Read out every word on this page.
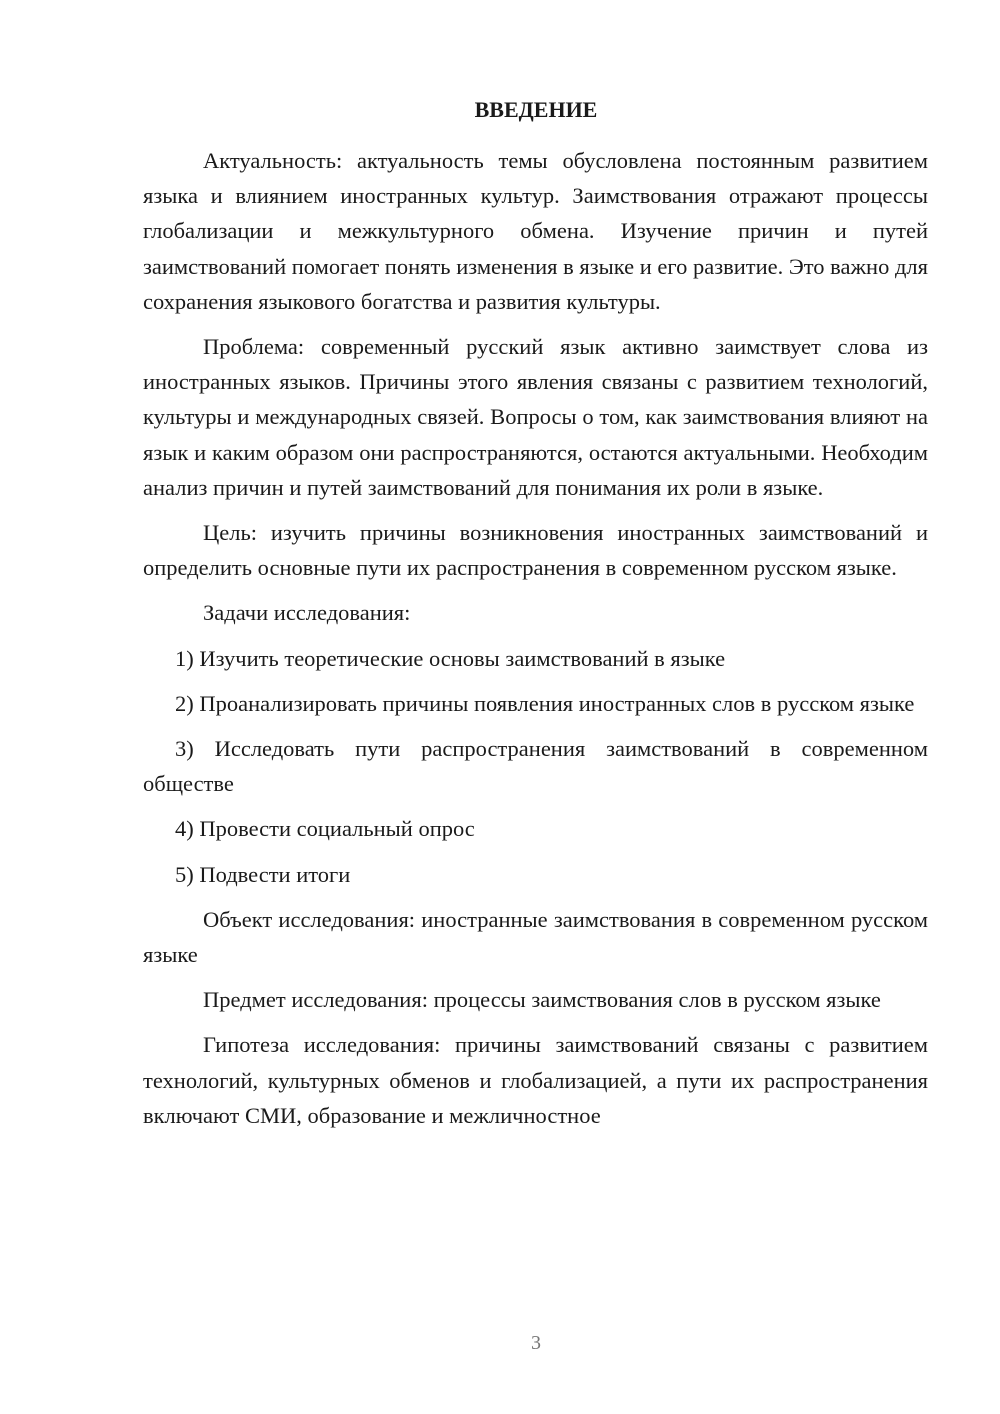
ВВЕДЕНИЕ

Актуальность: актуальность темы обусловлена постоянным развитием языка и влиянием иностранных культур. Заимствования отражают процессы глобализации и межкультурного обмена. Изучение причин и путей заимствований помогает понять изменения в языке и его развитие. Это важно для сохранения языкового богатства и развития культуры.

Проблема: современный русский язык активно заимствует слова из иностранных языков. Причины этого явления связаны с развитием технологий, культуры и международных связей. Вопросы о том, как заимствования влияют на язык и каким образом они распространяются, остаются актуальными. Необходим анализ причин и путей заимствований для понимания их роли в языке.

Цель: изучить причины возникновения иностранных заимствований и определить основные пути их распространения в современном русском языке.

Задачи исследования:

1) Изучить теоретические основы заимствований в языке

2) Проанализировать причины появления иностранных слов в русском языке

3) Исследовать пути распространения заимствований в современном обществе

4) Провести социальный опрос

5) Подвести итоги

Объект исследования: иностранные заимствования в современном русском языке

Предмет исследования: процессы заимствования слов в русском языке

Гипотеза исследования: причины заимствований связаны с развитием технологий, культурных обменов и глобализацией, а пути их распространения включают СМИ, образование и межличностное

3
